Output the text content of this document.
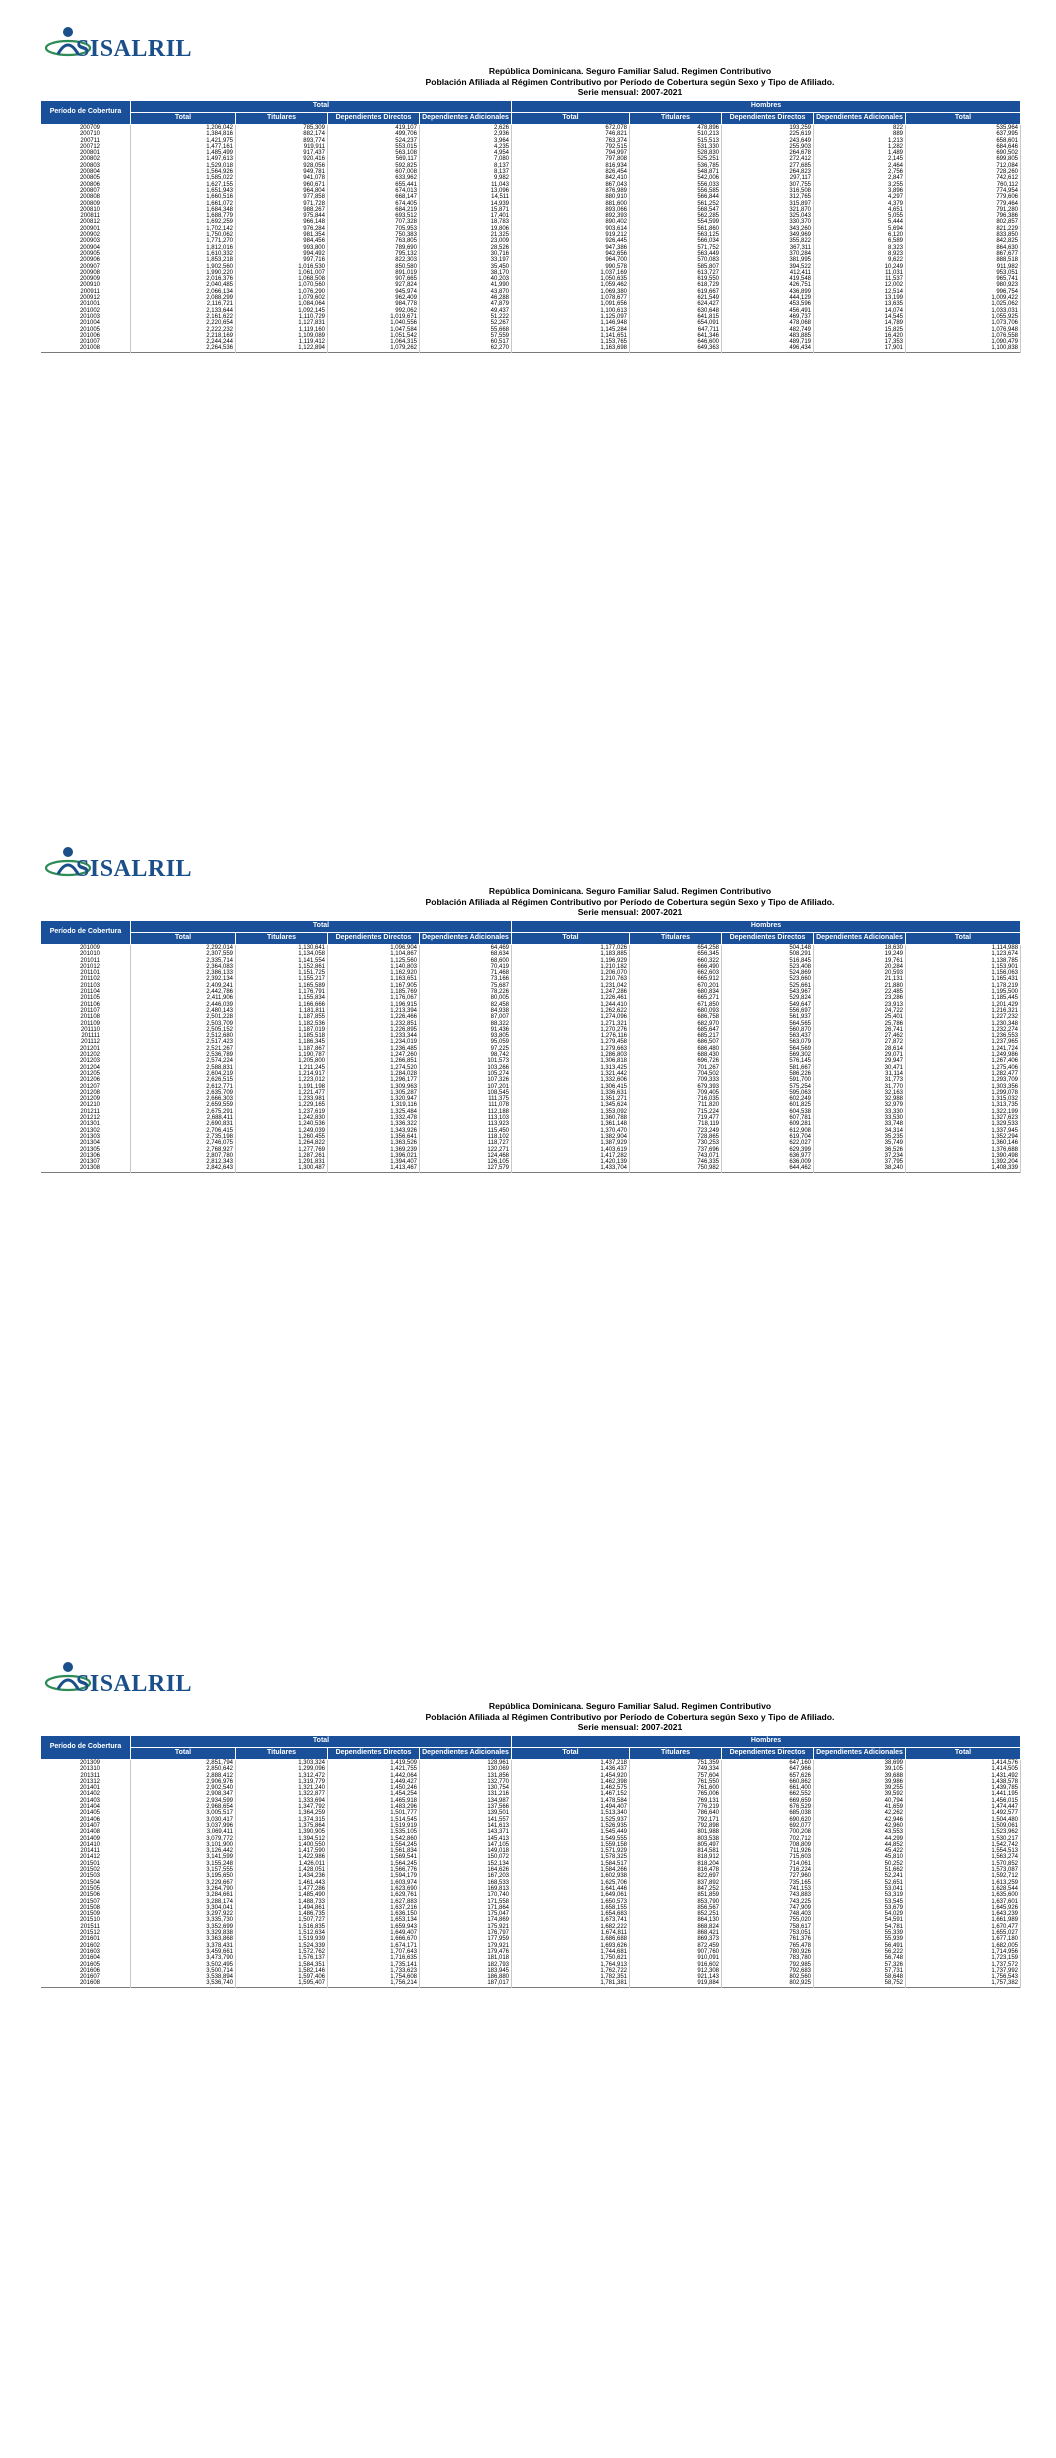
SISALRIL
República Dominicana. Seguro Familiar Salud. Regimen Contributivo
Población Afiliada al Régimen Contributivo por Período de Cobertura según Sexo y Tipo de Afiliado.
Serie mensual: 2007-2021
Período de Cobertura	Total				Hombres				
	Total	Titulares	Dependientes Directos	Dependientes Adicionales	Total	Titulares	Dependientes Directos	Dependientes Adicionales	Total
200709	1,206,042	785,309	419,107	2,626	672,078	478,896	193,259	822	535,964
200710	1,384,816	882,174	499,706	2,936	746,821	510,213	225,619	889	637,995
200711	1,421,975	893,774	524,237	3,964	763,374	515,513	243,649	1,213	658,601
200712	1,477,161	919,911	553,015	4,235	792,515	531,330	255,903	1,282	684,646
200801	1,485,499	917,437	563,108	4,954	794,997	528,830	264,678	1,489	690,502
200802	1,497,613	920,416	569,117	7,080	797,808	525,251	272,412	2,145	699,805
200803	1,529,018	928,056	592,825	8,137	816,934	536,785	277,685	2,464	712,084
200804	1,564,926	949,781	607,008	8,137	826,454	548,871	264,823	2,756	728,260
200805	1,585,022	941,078	633,962	9,982	842,410	542,006	297,117	2,847	742,612
200806	1,627,155	960,671	655,441	11,043	867,043	556,033	307,755	3,255	760,112
200807	1,651,943	964,804	674,013	13,096	876,989	556,585	316,508	3,896	774,954
200808	1,660,516	977,858	668,147	14,511	880,910	566,844	312,765	4,297	779,606
200809	1,661,072	971,728	674,405	14,939	881,600	561,252	315,897	4,379	779,464
200810	1,684,348	988,267	684,219	15,871	893,066	568,547	321,870	4,651	791,280
200811	1,688,779	975,844	693,512	17,401	892,393	562,285	325,043	5,055	796,386
200812	1,692,259	966,148	707,328	18,783	890,402	554,599	330,370	5,444	802,857
200901	1,702,142	976,284	705,953	19,806	903,614	561,860	343,260	5,694	821,229
200902	1,750,062	981,354	750,383	21,325	919,212	563,125	349,969	6,120	833,850
200903	1,771,270	984,456	763,805	23,009	926,445	566,034	355,822	6,589	842,825
200904	1,812,016	993,800	789,690	28,526	947,386	571,752	367,311	8,323	864,630
200905	1,610,332	994,492	795,132	30,716	942,656	563,449	370,284	8,923	867,677
200906	1,853,218	997,716	822,303	33,197	964,700	570,083	381,995	9,622	888,518
200907	1,902,560	1,016,530	850,580	35,450	990,578	585,807	394,522	10,249	911,982
200908	1,990,220	1,061,007	891,019	38,170	1,037,169	613,727	412,411	11,031	953,051
200909	2,016,376	1,068,508	907,665	40,203	1,050,635	619,550	419,548	11,537	965,741
200910	2,040,485	1,070,560	927,824	41,990	1,059,462	618,729	426,751	12,002	980,923
200911	2,066,134	1,076,290	945,974	43,870	1,069,380	619,667	436,899	12,514	996,754
200912	2,088,299	1,079,602	962,409	46,288	1,078,677	621,549	444,129	13,199	1,009,422
201001	2,116,721	1,084,064	984,778	47,879	1,091,656	624,427	453,596	13,635	1,025,062
201002	2,133,644	1,092,145	992,062	49,437	1,100,613	630,648	456,491	14,074	1,033,031
201003	2,161,622	1,110,729	1,019,671	51,222	1,125,097	641,815	469,737	14,545	1,055,925
201004	2,220,654	1,127,831	1,040,556	52,267	1,146,948	654,091	478,068	14,789	1,073,706
201005	2,222,232	1,119,160	1,047,584	55,668	1,145,284	647,711	482,749	15,825	1,076,948
201006	2,218,169	1,109,089	1,051,542	57,559	1,141,651	641,346	483,885	16,420	1,076,558
201007	2,244,244	1,119,412	1,064,315	60,517	1,153,765	646,600	489,719	17,353	1,090,479
201008	2,264,536	1,122,894	1,079,262	62,270	1,163,698	649,363	496,434	17,901	1,100,838
SISALRIL
República Dominicana. Seguro Familiar Salud. Regimen Contributivo
Población Afiliada al Régimen Contributivo por Período de Cobertura según Sexo y Tipo de Afiliado.
Serie mensual: 2007-2021
Período de Cobertura	Total				Hombres				
	Total	Titulares	Dependientes Directos	Dependientes Adicionales	Total	Titulares	Dependientes Directos	Dependientes Adicionales	Total
201009	2,292,014	1,130,641	1,096,904	64,469	1,177,026	654,258	504,148	18,630	1,114,988
201010	2,307,559	1,134,058	1,104,867	68,634	1,183,885	656,345	508,291	19,249	1,123,674
201011	2,335,714	1,141,554	1,125,560	68,600	1,196,929	660,322	516,845	19,761	1,138,785
201012	2,364,083	1,152,861	1,140,803	70,419	1,210,182	666,490	523,408	20,284	1,153,901
201101	2,386,133	1,151,725	1,162,920	71,468	1,206,070	662,603	524,869	20,593	1,156,063
201102	2,392,134	1,155,217	1,163,651	73,166	1,210,763	665,912	523,660	21,131	1,165,431
201103	2,409,241	1,165,589	1,167,905	75,687	1,231,042	670,201	525,661	21,880	1,178,219
201104	2,442,786	1,176,791	1,185,769	78,226	1,247,286	680,834	543,967	22,485	1,195,500
201105	2,411,906	1,155,834	1,176,067	80,005	1,226,461	665,271	529,824	23,286	1,185,445
201106	2,446,039	1,166,666	1,196,915	82,458	1,244,410	671,850	549,647	23,913	1,201,429
201107	2,480,143	1,181,811	1,213,394	84,938	1,262,622	680,093	556,697	24,722	1,216,321
201108	2,501,228	1,187,855	1,226,466	87,007	1,274,096	686,758	561,937	25,401	1,227,232
201109	2,503,709	1,182,536	1,232,851	88,322	1,271,321	682,970	564,565	25,786	1,230,348
201110	2,505,152	1,187,019	1,226,895	91,436	1,270,276	685,647	560,870	26,741	1,232,274
201111	2,512,680	1,185,518	1,233,344	93,805	1,276,116	685,217	563,437	27,462	1,236,553
201112	2,517,423	1,186,345	1,234,019	95,059	1,279,458	686,507	563,079	27,872	1,237,965
201201	2,521,267	1,187,867	1,236,485	97,225	1,279,663	686,480	564,569	28,614	1,241,724
201202	2,536,789	1,190,787	1,247,260	98,742	1,286,803	688,430	569,302	29,071	1,249,986
201203	2,574,224	1,205,800	1,266,851	101,573	1,306,818	696,726	576,145	29,947	1,267,406
201204	2,588,831	1,211,245	1,274,520	103,266	1,313,425	701,267	581,667	30,471	1,275,406
201205	2,604,219	1,214,917	1,284,028	105,274	1,321,442	704,502	586,226	31,114	1,282,477
201206	2,626,515	1,223,012	1,296,177	107,326	1,332,606	709,333	591,700	31,773	1,293,709
201207	2,612,771	1,191,198	1,309,963	107,201	1,306,415	679,393	575,254	31,770	1,303,356
201208	2,635,709	1,221,477	1,305,287	108,545	1,336,631	709,405	595,063	32,163	1,299,078
201209	2,666,303	1,233,981	1,320,947	111,375	1,351,271	716,035	602,249	32,988	1,315,032
201210	2,659,559	1,229,165	1,319,116	111,078	1,345,624	711,820	601,825	32,979	1,313,735
201211	2,675,291	1,237,619	1,325,484	112,188	1,353,092	715,224	604,538	33,330	1,322,199
201212	2,688,411	1,242,830	1,332,478	113,103	1,360,788	719,477	607,781	33,530	1,327,623
201301	2,690,831	1,240,536	1,336,322	113,923	1,361,148	718,119	609,281	33,748	1,329,533
201302	2,706,415	1,249,039	1,343,926	115,450	1,370,470	723,249	612,908	34,314	1,337,945
201303	2,735,198	1,260,455	1,356,641	118,102	1,382,904	728,865	619,704	35,235	1,352,294
201304	2,746,075	1,264,822	1,363,526	118,727	1,387,929	730,253	622,027	35,749	1,360,146
201305	2,768,927	1,277,769	1,369,239	122,271	1,403,619	737,696	629,399	36,526	1,376,688
201306	2,807,780	1,287,261	1,396,021	124,468	1,417,282	743,071	636,977	37,234	1,390,498
201307	2,812,343	1,291,831	1,394,407	126,105	1,420,139	746,335	636,009	37,795	1,392,204
201308	2,842,643	1,300,487	1,413,467	127,579	1,433,704	750,982	644,462	38,240	1,408,339
SISALRIL
República Dominicana. Seguro Familiar Salud. Regimen Contributivo
Población Afiliada al Régimen Contributivo por Período de Cobertura según Sexo y Tipo de Afiliado.
Serie mensual: 2007-2021
Período de Cobertura	Total				Hombres				
	Total	Titulares	Dependientes Directos	Dependientes Adicionales	Total	Titulares	Dependientes Directos	Dependientes Adicionales	Total
201309	2,851,794	1,303,324	1,419,509	128,961	1,437,218	751,359	647,160	38,699	1,414,576
201310	2,850,642	1,299,096	1,421,755	130,069	1,436,437	749,334	647,966	39,105	1,414,505
201311	2,888,412	1,312,472	1,442,064	131,856	1,454,920	757,604	657,626	39,688	1,431,492
201312	2,906,976	1,319,779	1,449,427	132,770	1,462,398	761,550	660,862	39,986	1,438,578
201401	2,902,540	1,321,240	1,450,246	130,754	1,462,575	761,600	661,400	39,255	1,439,785
201402	2,908,347	1,322,877	1,454,254	131,216	1,467,152	765,006	662,552	39,592	1,441,195
201403	2,934,599	1,333,694	1,465,918	134,987	1,478,584	769,131	669,659	40,794	1,456,015
201404	2,968,654	1,347,792	1,483,296	137,566	1,494,407	776,219	676,529	41,659	1,474,447
201405	3,005,517	1,364,259	1,501,777	139,501	1,513,340	786,640	685,038	42,262	1,492,577
201406	3,030,417	1,374,315	1,514,545	141,557	1,525,937	792,171	690,620	42,946	1,504,480
201407	3,037,996	1,375,864	1,519,919	141,613	1,526,935	792,898	692,077	42,960	1,509,061
201408	3,069,411	1,390,905	1,535,105	143,371	1,545,449	801,988	700,208	43,553	1,523,962
201409	3,079,772	1,394,512	1,542,860	145,413	1,549,555	803,538	702,712	44,299	1,530,217
201410	3,101,900	1,400,550	1,554,245	147,105	1,559,158	805,497	708,809	44,852	1,542,742
201411	3,126,442	1,417,590	1,561,834	149,018	1,571,929	814,581	711,926	45,422	1,554,513
201412	3,141,599	1,422,986	1,569,541	150,072	1,578,325	818,912	715,603	45,810	1,563,274
201501	3,155,248	1,426,011	1,564,245	152,134	1,584,517	818,204	714,061	50,252	1,570,852
201502	3,157,555	1,428,051	1,566,776	164,626	1,584,266	816,478	716,224	51,662	1,573,087
201503	3,195,650	1,434,236	1,594,179	167,203	1,602,938	822,697	727,960	52,241	1,592,712
201504	3,229,667	1,461,443	1,603,974	168,533	1,625,706	837,892	735,165	52,651	1,613,259
201505	3,264,790	1,477,286	1,623,690	169,813	1,641,446	847,252	741,153	53,041	1,628,544
201506	3,284,661	1,485,490	1,629,761	170,740	1,649,061	851,859	743,883	53,319	1,635,600
201507	3,288,174	1,488,733	1,627,883	171,558	1,650,573	853,790	743,225	53,545	1,637,601
201508	3,304,041	1,494,861	1,637,216	171,864	1,658,155	856,567	747,909	53,679	1,645,926
201509	3,297,922	1,486,735	1,636,150	175,047	1,654,683	852,251	748,403	54,029	1,643,239
201510	3,335,730	1,507,727	1,653,134	174,869	1,673,741	864,130	755,020	54,591	1,661,989
201511	3,352,699	1,516,835	1,659,943	175,921	1,682,222	868,824	758,617	54,781	1,670,477
201512	3,329,838	1,512,634	1,649,407	176,797	1,674,811	868,421	753,051	55,339	1,655,027
201601	3,363,868	1,519,939	1,666,670	177,959	1,686,688	869,373	761,376	55,939	1,677,180
201602	3,378,431	1,524,339	1,674,171	179,921	1,693,626	872,459	765,478	56,491	1,682,005
201603	3,459,661	1,572,762	1,707,643	179,476	1,744,681	907,760	780,926	56,222	1,714,956
201604	3,473,790	1,576,137	1,716,635	181,018	1,750,621	910,091	783,780	56,748	1,723,159
201605	3,502,495	1,584,351	1,735,141	182,793	1,764,913	916,602	792,985	57,326	1,737,572
201606	3,500,714	1,582,146	1,733,623	183,945	1,762,722	912,308	792,683	57,731	1,737,992
201607	3,538,894	1,597,406	1,754,608	186,880	1,782,351	921,143	802,560	58,648	1,756,543
201608	3,536,740	1,595,407	1,756,214	187,017	1,781,381	919,884	802,925	58,752	1,757,382
